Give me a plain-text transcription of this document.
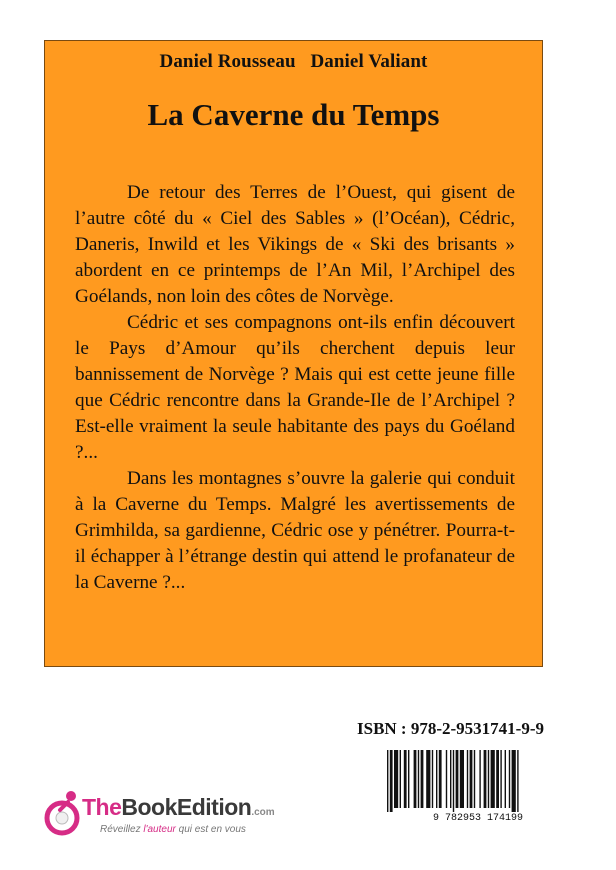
Daniel Rousseau Daniel Valiant
La Caverne du Temps

De retour des Terres de l’Ouest, qui gisent de l’autre côté du « Ciel des Sables » (l’Océan), Cédric, Daneris, Inwild et les Vikings de « Ski des brisants » abordent en ce printemps de l’An Mil, l’Archipel des Goélands, non loin des côtes de Norvège.

Cédric et ses compagnons ont-ils enfin découvert le Pays d’Amour qu’ils cherchent depuis leur bannissement de Norvège ? Mais qui est cette jeune fille que Cédric rencontre dans la Grande-Ile de l’Archipel ? Est-elle vraiment la seule habitante des pays du Goéland ?...

Dans les montagnes s’ouvre la galerie qui conduit à la Caverne du Temps. Malgré les avertissements de Grimhilda, sa gardienne, Cédric ose y pénétrer. Pourra-t-il échapper à l’étrange destin qui attend le profanateur de la Caverne ?...

ISBN : 978-2-9531741-9-9
9 782953 174199
TheBookEdition.com
Réveillez l'auteur qui est en vous
